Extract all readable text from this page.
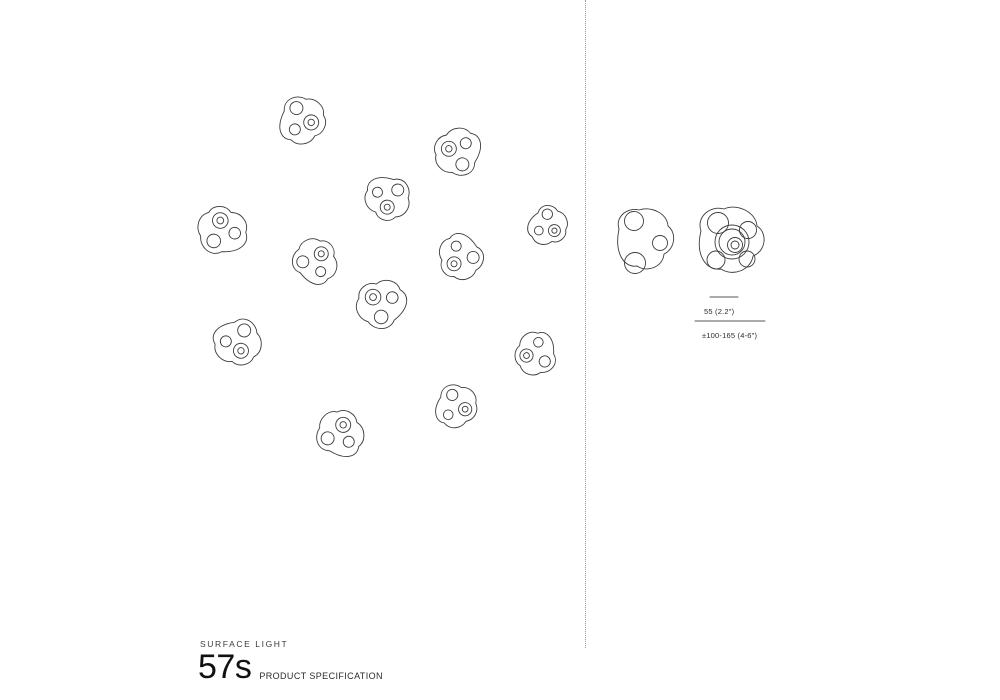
55 (2.2")
±100-165 (4-6")
SURFACE LIGHT
57s PRODUCT SPECIFICATION
